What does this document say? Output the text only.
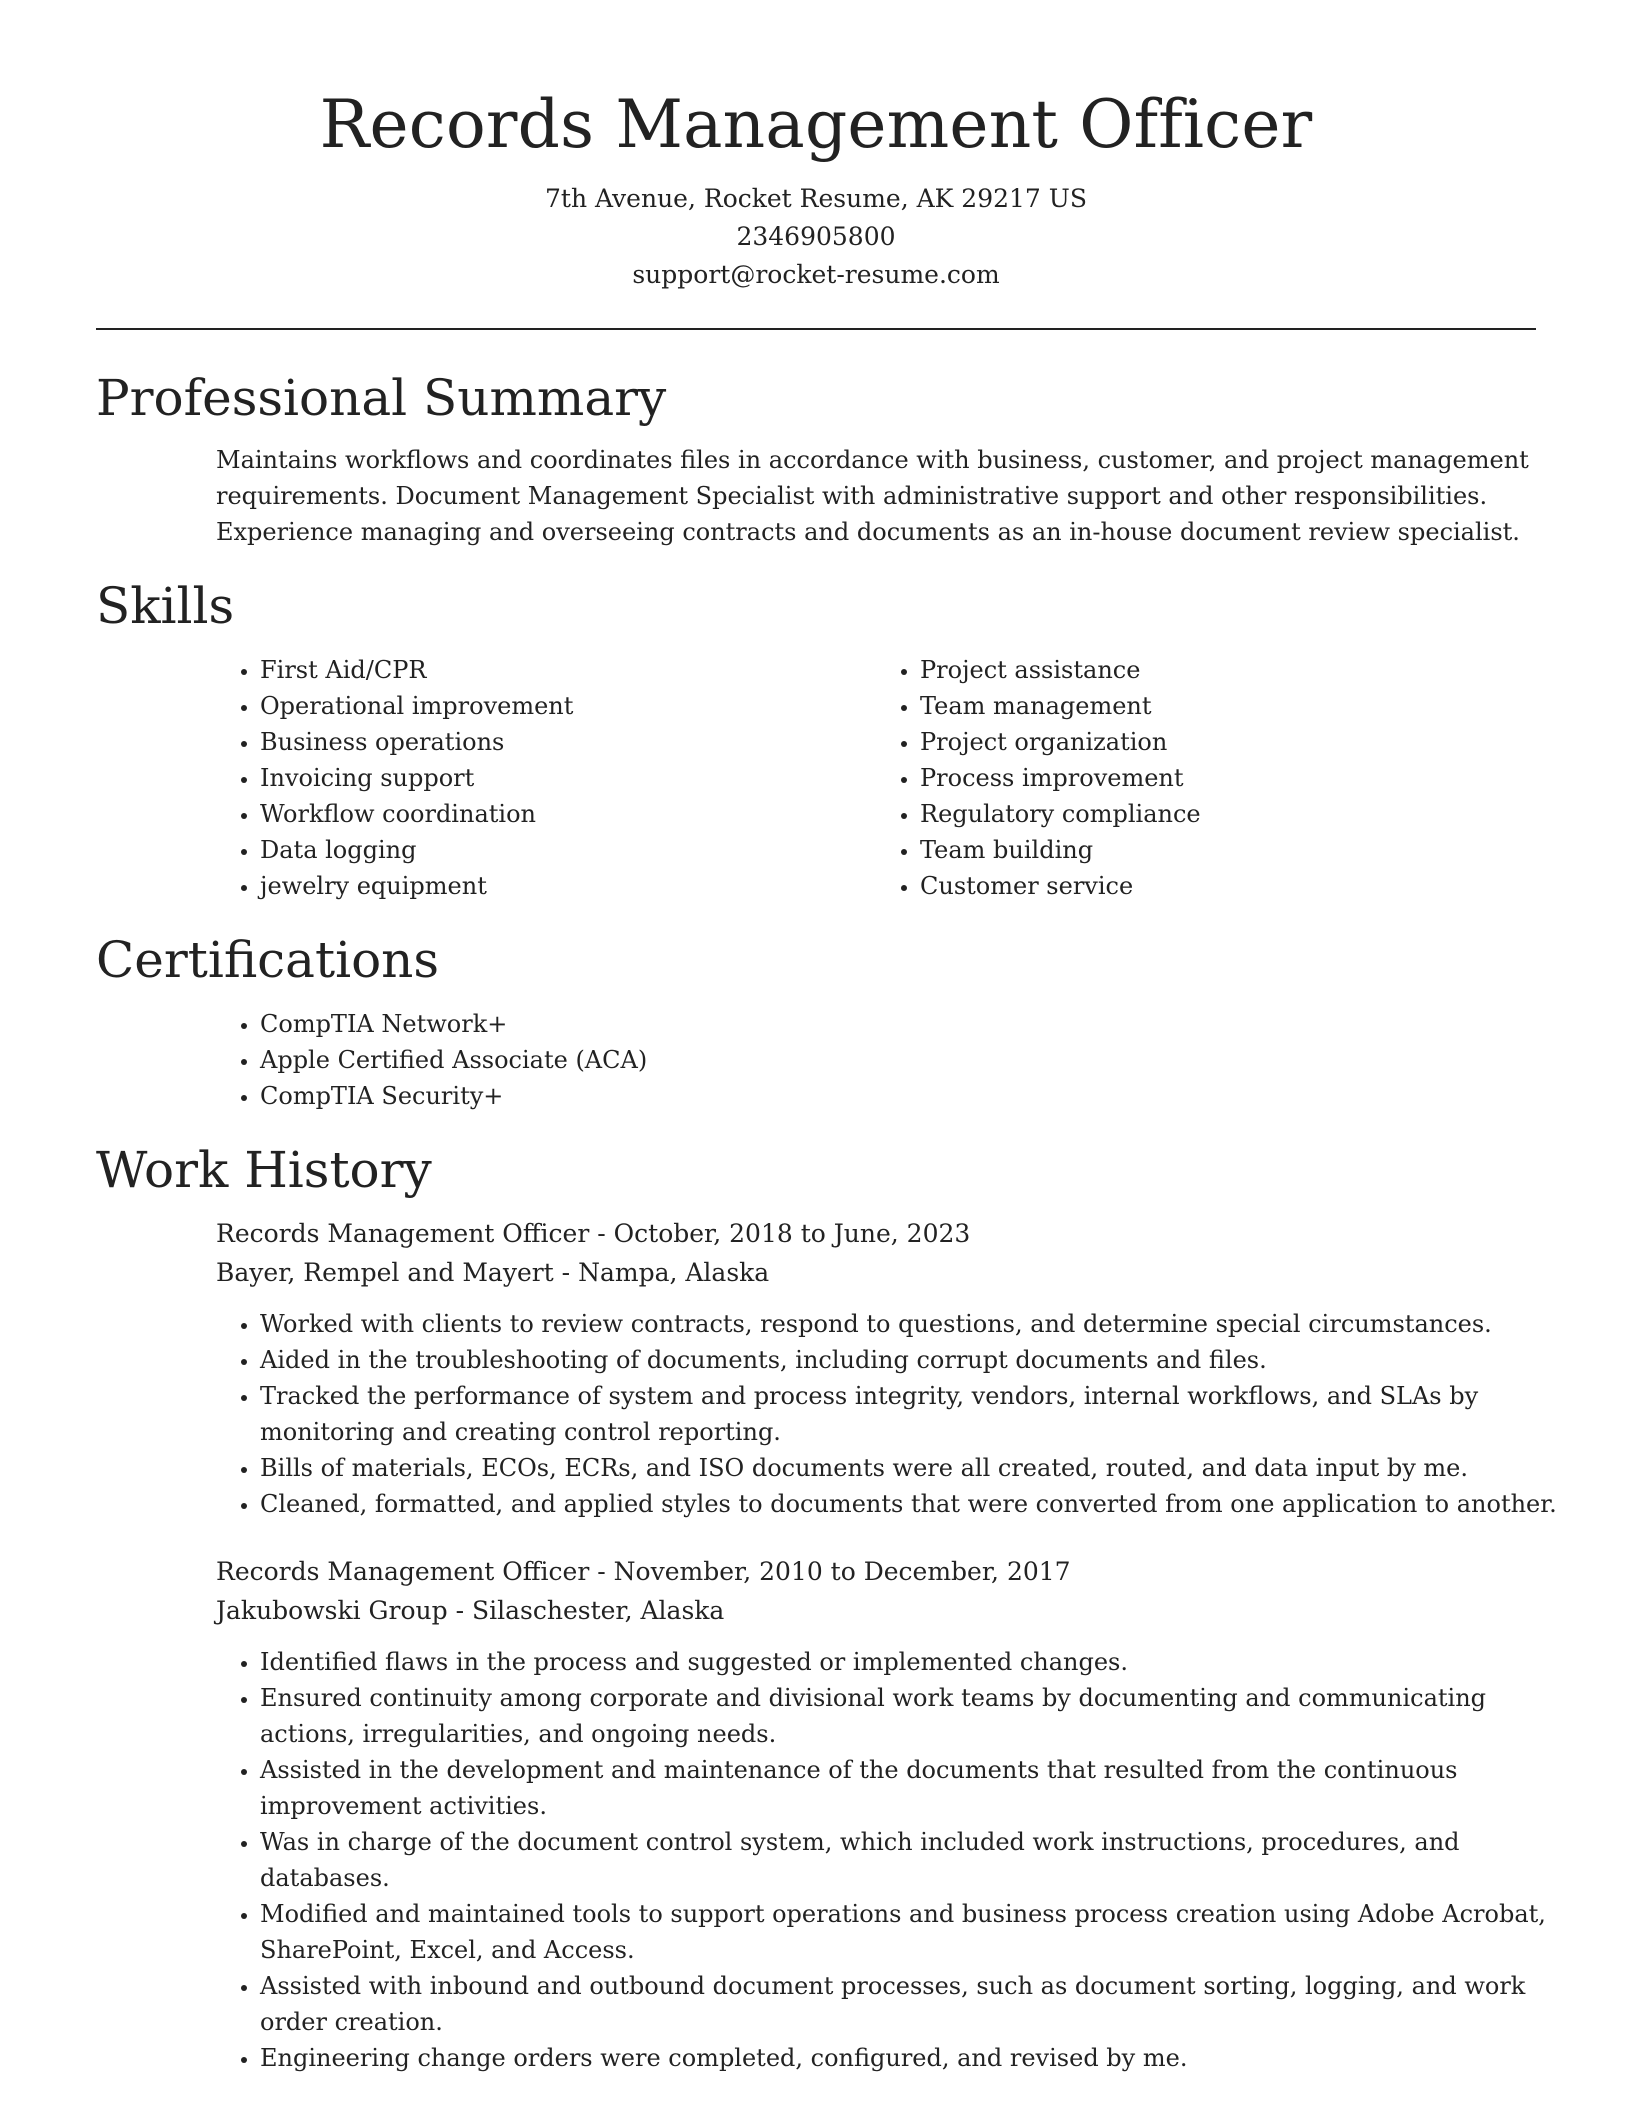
Records Management Officer

7th Avenue, Rocket Resume, AK 29217 US

2346905800

support@rocket-resume.com

Professional Summary

Maintains workflows and coordinates files in accordance with business, customer, and project management requirements. Document Management Specialist with administrative support and other responsibilities. Experience managing and overseeing contracts and documents as an in-house document review specialist.

Skills
• First Aid/CPR
• Operational improvement
• Business operations
• Invoicing support
• Workflow coordination
• Data logging
• jewelry equipment
• Project assistance
• Team management
• Project organization
• Process improvement
• Regulatory compliance
• Team building
• Customer service
Certifications
• CompTIA Network+
• Apple Certified Associate (ACA)
• CompTIA Security+
Work History

Records Management Officer - October, 2018 to June, 2023

Bayer, Rempel and Mayert - Nampa, Alaska

• Worked with clients to review contracts, respond to questions, and determine special circumstances.
• Aided in the troubleshooting of documents, including corrupt documents and files.
• Tracked the performance of system and process integrity, vendors, internal workflows, and SLAs by monitoring and creating control reporting.
• Bills of materials, ECOs, ECRs, and ISO documents were all created, routed, and data input by me.
• Cleaned, formatted, and applied styles to documents that were converted from one application to another.

Records Management Officer - November, 2010 to December, 2017

Jakubowski Group - Silaschester, Alaska

• Identified flaws in the process and suggested or implemented changes.
• Ensured continuity among corporate and divisional work teams by documenting and communicating actions, irregularities, and ongoing needs.
• Assisted in the development and maintenance of the documents that resulted from the continuous improvement activities.
• Was in charge of the document control system, which included work instructions, procedures, and databases.
• Modified and maintained tools to support operations and business process creation using Adobe Acrobat, SharePoint, Excel, and Access.
• Assisted with inbound and outbound document processes, such as document sorting, logging, and work order creation.
• Engineering change orders were completed, configured, and revised by me.
